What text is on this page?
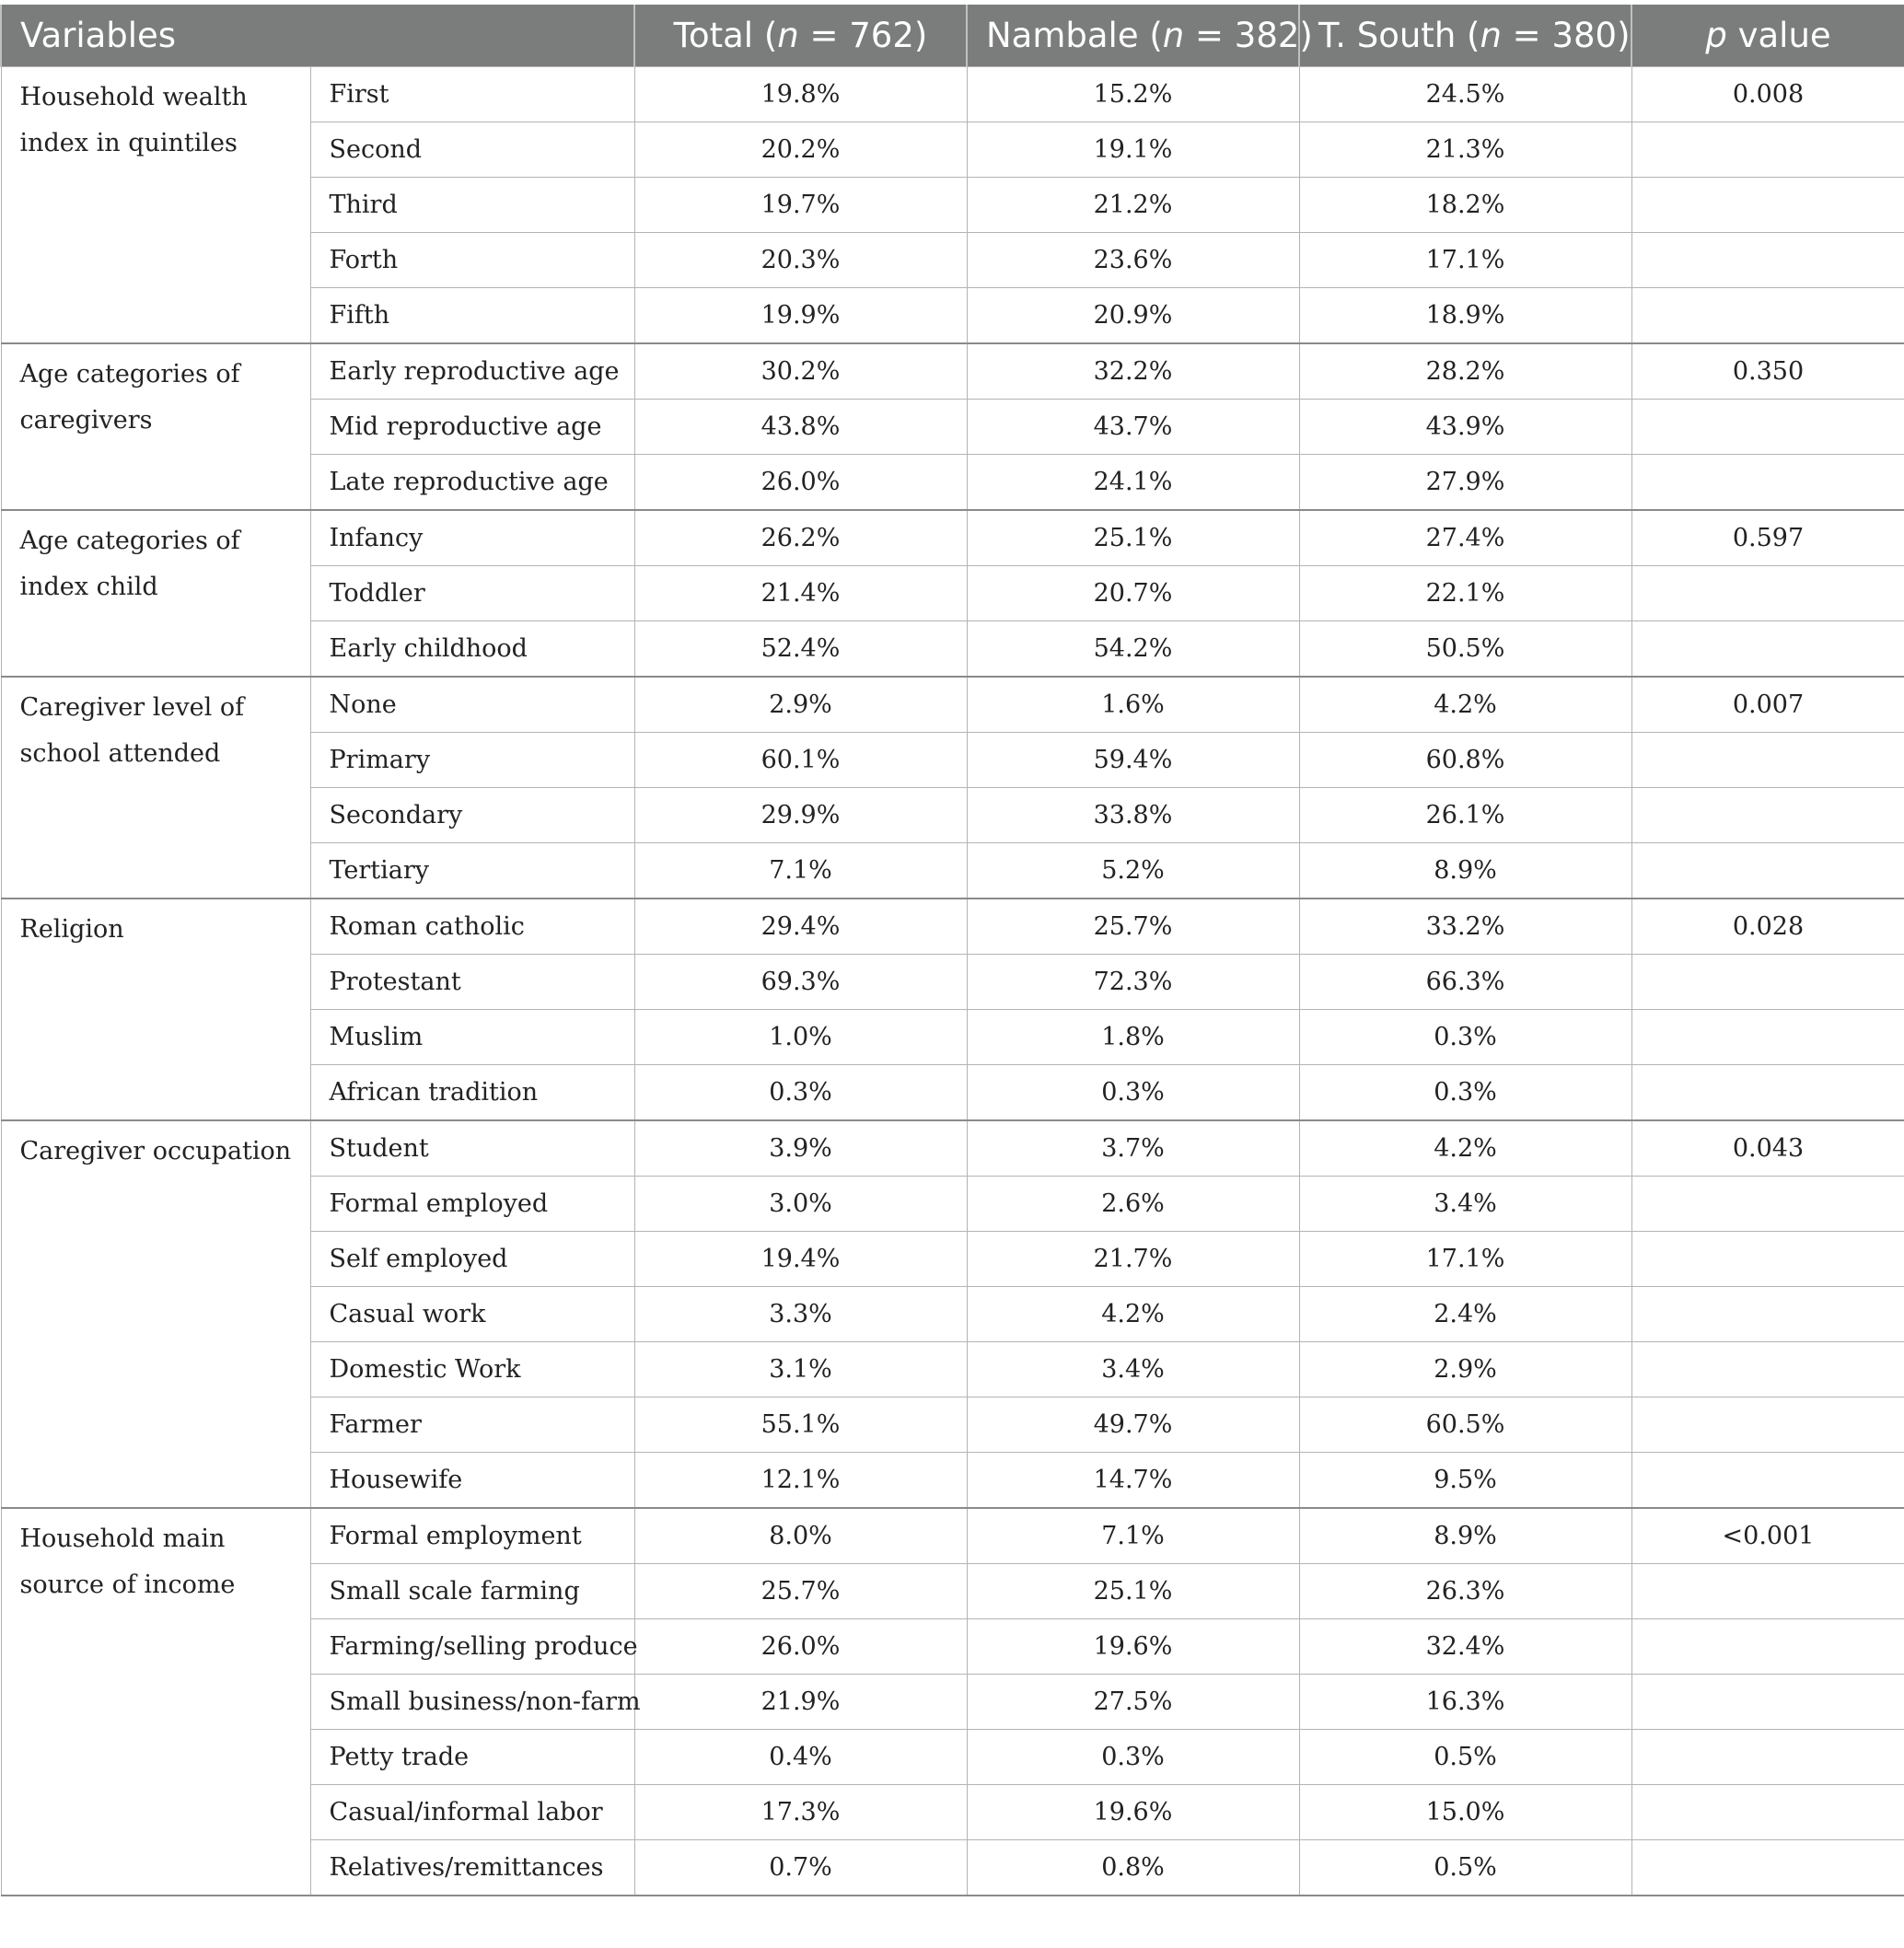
Variables		Total (n = 762)	Nambale (n = 382)	T. South (n = 380)	p value
Household wealth index in quintiles	First	19.8%	15.2%	24.5%	0.008
	Second	20.2%	19.1%	21.3%	
	Third	19.7%	21.2%	18.2%	
	Forth	20.3%	23.6%	17.1%	
	Fifth	19.9%	20.9%	18.9%	
Age categories of caregivers	Early reproductive age	30.2%	32.2%	28.2%	0.350
	Mid reproductive age	43.8%	43.7%	43.9%	
	Late reproductive age	26.0%	24.1%	27.9%	
Age categories of index child	Infancy	26.2%	25.1%	27.4%	0.597
	Toddler	21.4%	20.7%	22.1%	
	Early childhood	52.4%	54.2%	50.5%	
Caregiver level of school attended	None	2.9%	1.6%	4.2%	0.007
	Primary	60.1%	59.4%	60.8%	
	Secondary	29.9%	33.8%	26.1%	
	Tertiary	7.1%	5.2%	8.9%	
Religion	Roman catholic	29.4%	25.7%	33.2%	0.028
	Protestant	69.3%	72.3%	66.3%	
	Muslim	1.0%	1.8%	0.3%	
	African tradition	0.3%	0.3%	0.3%	
Caregiver occupation	Student	3.9%	3.7%	4.2%	0.043
	Formal employed	3.0%	2.6%	3.4%	
	Self employed	19.4%	21.7%	17.1%	
	Casual work	3.3%	4.2%	2.4%	
	Domestic Work	3.1%	3.4%	2.9%	
	Farmer	55.1%	49.7%	60.5%	
	Housewife	12.1%	14.7%	9.5%	
Household main source of income	Formal employment	8.0%	7.1%	8.9%	<0.001
	Small scale farming	25.7%	25.1%	26.3%	
	Farming/selling produce	26.0%	19.6%	32.4%	
	Small business/non-farm	21.9%	27.5%	16.3%	
	Petty trade	0.4%	0.3%	0.5%	
	Casual/informal labor	17.3%	19.6%	15.0%	
	Relatives/remittances	0.7%	0.8%	0.5%	
